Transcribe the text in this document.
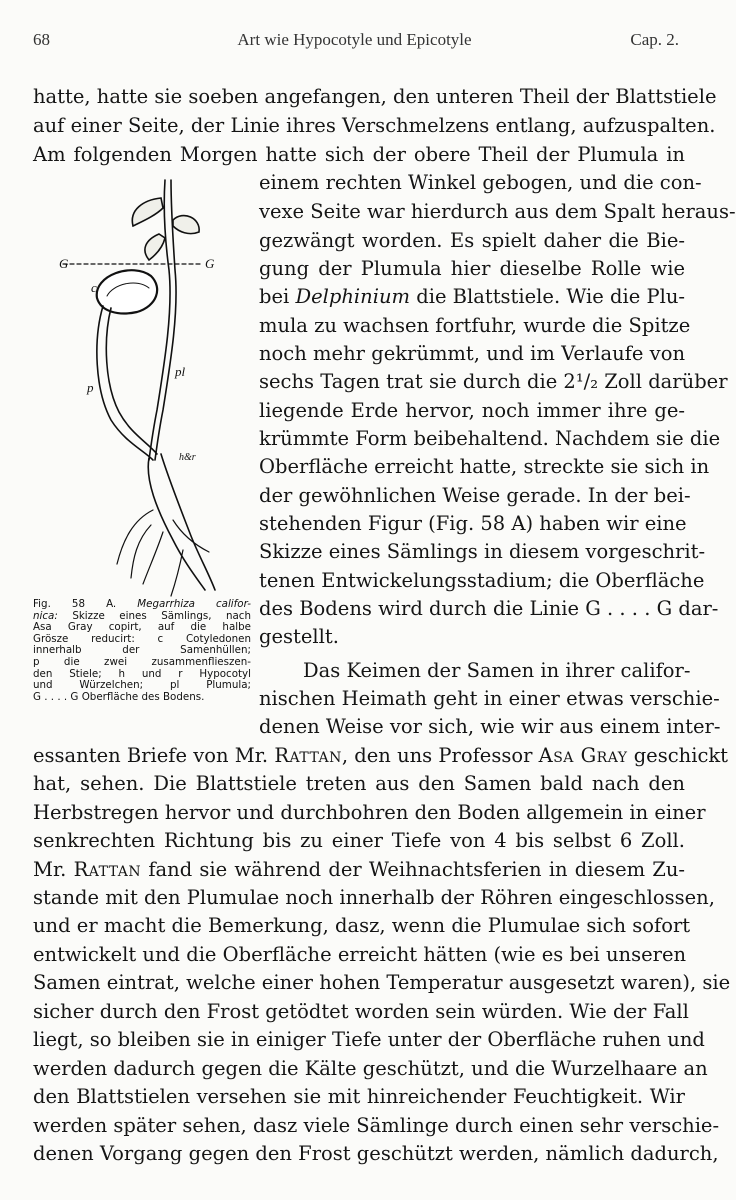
68	Art wie Hypocotyle und Epicotyle	Cap. 2.
hatte, hatte sie soeben angefangen, den unteren Theil der Blattstiele
auf einer Seite, der Linie ihres Verschmelzens entlang, aufzuspalten.
Am folgenden Morgen hatte sich der obere Theil der Plumula in
einem rechten Winkel gebogen, und die con-
vexe Seite war hierdurch aus dem Spalt heraus-
gezwängt worden. Es spielt daher die Bie-
gung der Plumula hier dieselbe Rolle wie
bei Delphinium die Blattstiele. Wie die Plu-
mula zu wachsen fortfuhr, wurde die Spitze
noch mehr gekrümmt, und im Verlaufe von
sechs Tagen trat sie durch die 2¹/₂ Zoll darüber
liegende Erde hervor, noch immer ihre ge-
krümmte Form beibehaltend. Nachdem sie die
Oberfläche erreicht hatte, streckte sie sich in
der gewöhnlichen Weise gerade. In der bei-
stehenden Figur (Fig. 58 A) haben wir eine
Skizze eines Sämlings in diesem vorgeschrit-
tenen Entwickelungsstadium; die Oberfläche
des Bodens wird durch die Linie G . . . . G dar-
gestellt.
Das Keimen der Samen in ihrer califor-
nischen Heimath geht in einer etwas verschie-
denen Weise vor sich, wie wir aus einem inter-
essanten Briefe von Mr. Rattan, den uns Professor Asa Gray geschickt
hat, sehen. Die Blattstiele treten aus den Samen bald nach den
Herbstregen hervor und durchbohren den Boden allgemein in einer
senkrechten Richtung bis zu einer Tiefe von 4 bis selbst 6 Zoll.
Mr. Rattan fand sie während der Weihnachtsferien in diesem Zu-
stande mit den Plumulae noch innerhalb der Röhren eingeschlossen,
und er macht die Bemerkung, dasz, wenn die Plumulae sich sofort
entwickelt und die Oberfläche erreicht hätten (wie es bei unseren
Samen eintrat, welche einer hohen Temperatur ausgesetzt waren), sie
sicher durch den Frost getödtet worden sein würden. Wie der Fall
liegt, so bleiben sie in einiger Tiefe unter der Oberfläche ruhen und
werden dadurch gegen die Kälte geschützt, und die Wurzelhaare an
den Blattstielen versehen sie mit hinreichender Feuchtigkeit. Wir
werden später sehen, dasz viele Sämlinge durch einen sehr verschie-
denen Vorgang gegen den Frost geschützt werden, nämlich dadurch,
G	G
c
pl
p
h&r
Fig. 58 A. Megarrhiza califor-
nica: Skizze eines Sämlings, nach
Asa Gray copirt, auf die halbe
Grösze reducirt: c Cotyledonen
innerhalb der Samenhüllen;
p die zwei zusammenflieszen-
den Stiele; h und r Hypocotyl
und Würzelchen; pl Plumula;
G . . . . G Oberfläche des Bodens.
